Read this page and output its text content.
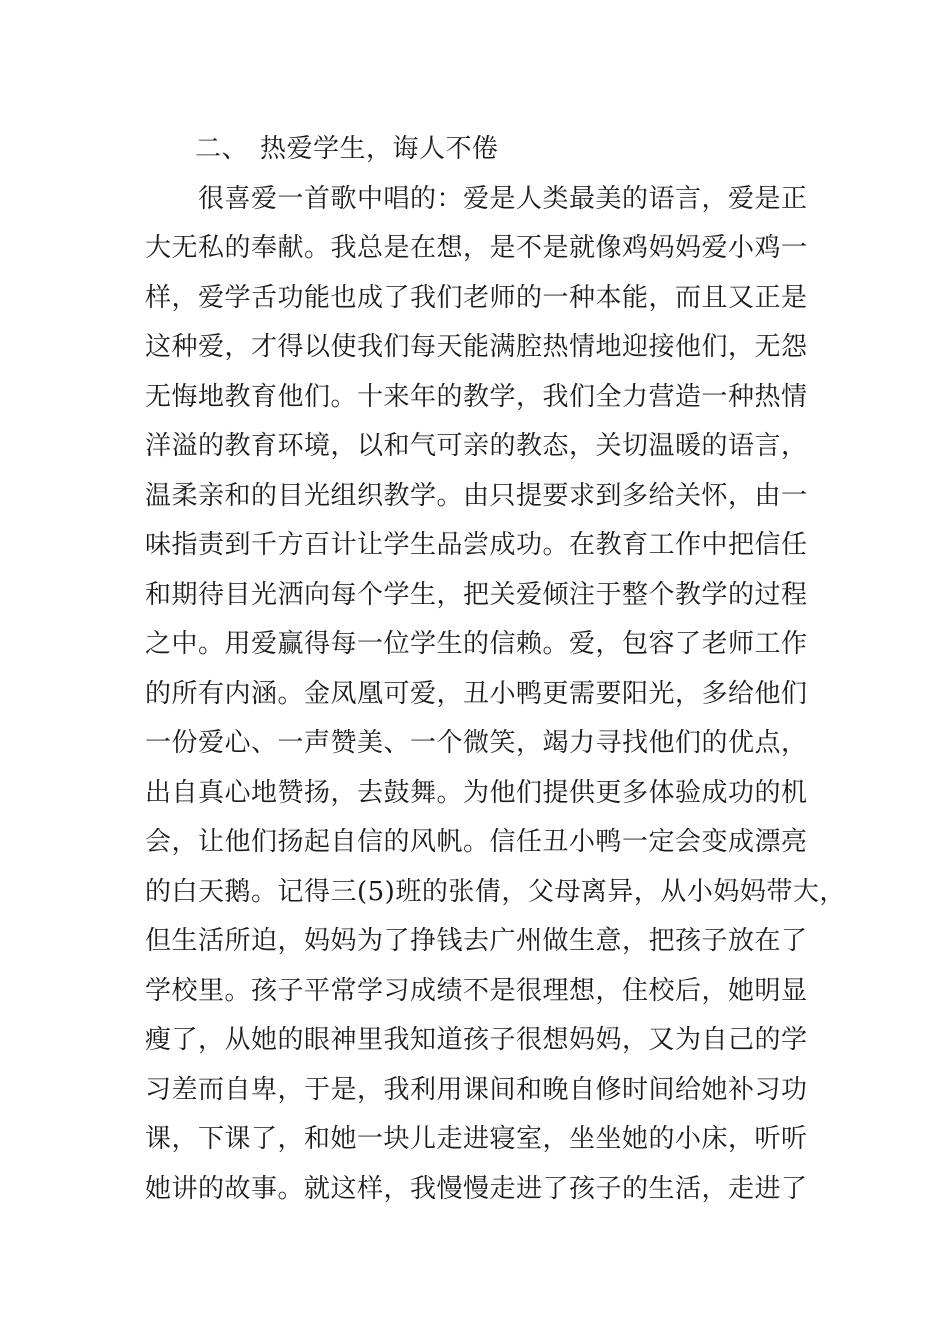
二、 热爱学生，诲人不倦
　　很喜爱一首歌中唱的：爱是人类最美的语言，爱是正
大无私的奉献。我总是在想，是不是就像鸡妈妈爱小鸡一
样，爱学舌功能也成了我们老师的一种本能，而且又正是
这种爱，才得以使我们每天能满腔热情地迎接他们，无怨
无悔地教育他们。十来年的教学，我们全力营造一种热情
洋溢的教育环境，以和气可亲的教态，关切温暖的语言，
温柔亲和的目光组织教学。由只提要求到多给关怀，由一
味指责到千方百计让学生品尝成功。在教育工作中把信任
和期待目光洒向每个学生，把关爱倾注于整个教学的过程
之中。用爱赢得每一位学生的信赖。爱，包容了老师工作
的所有内涵。金凤凰可爱，丑小鸭更需要阳光，多给他们
一份爱心、一声赞美、一个微笑，竭力寻找他们的优点，
出自真心地赞扬，去鼓舞。为他们提供更多体验成功的机
会，让他们扬起自信的风帆。信任丑小鸭一定会变成漂亮
的白天鹅。记得三(5)班的张倩，父母离异，从小妈妈带大，
但生活所迫，妈妈为了挣钱去广州做生意，把孩子放在了
学校里。孩子平常学习成绩不是很理想，住校后，她明显
瘦了，从她的眼神里我知道孩子很想妈妈，又为自己的学
习差而自卑，于是，我利用课间和晚自修时间给她补习功
课，下课了，和她一块儿走进寝室，坐坐她的小床，听听
她讲的故事。就这样，我慢慢走进了孩子的生活，走进了
